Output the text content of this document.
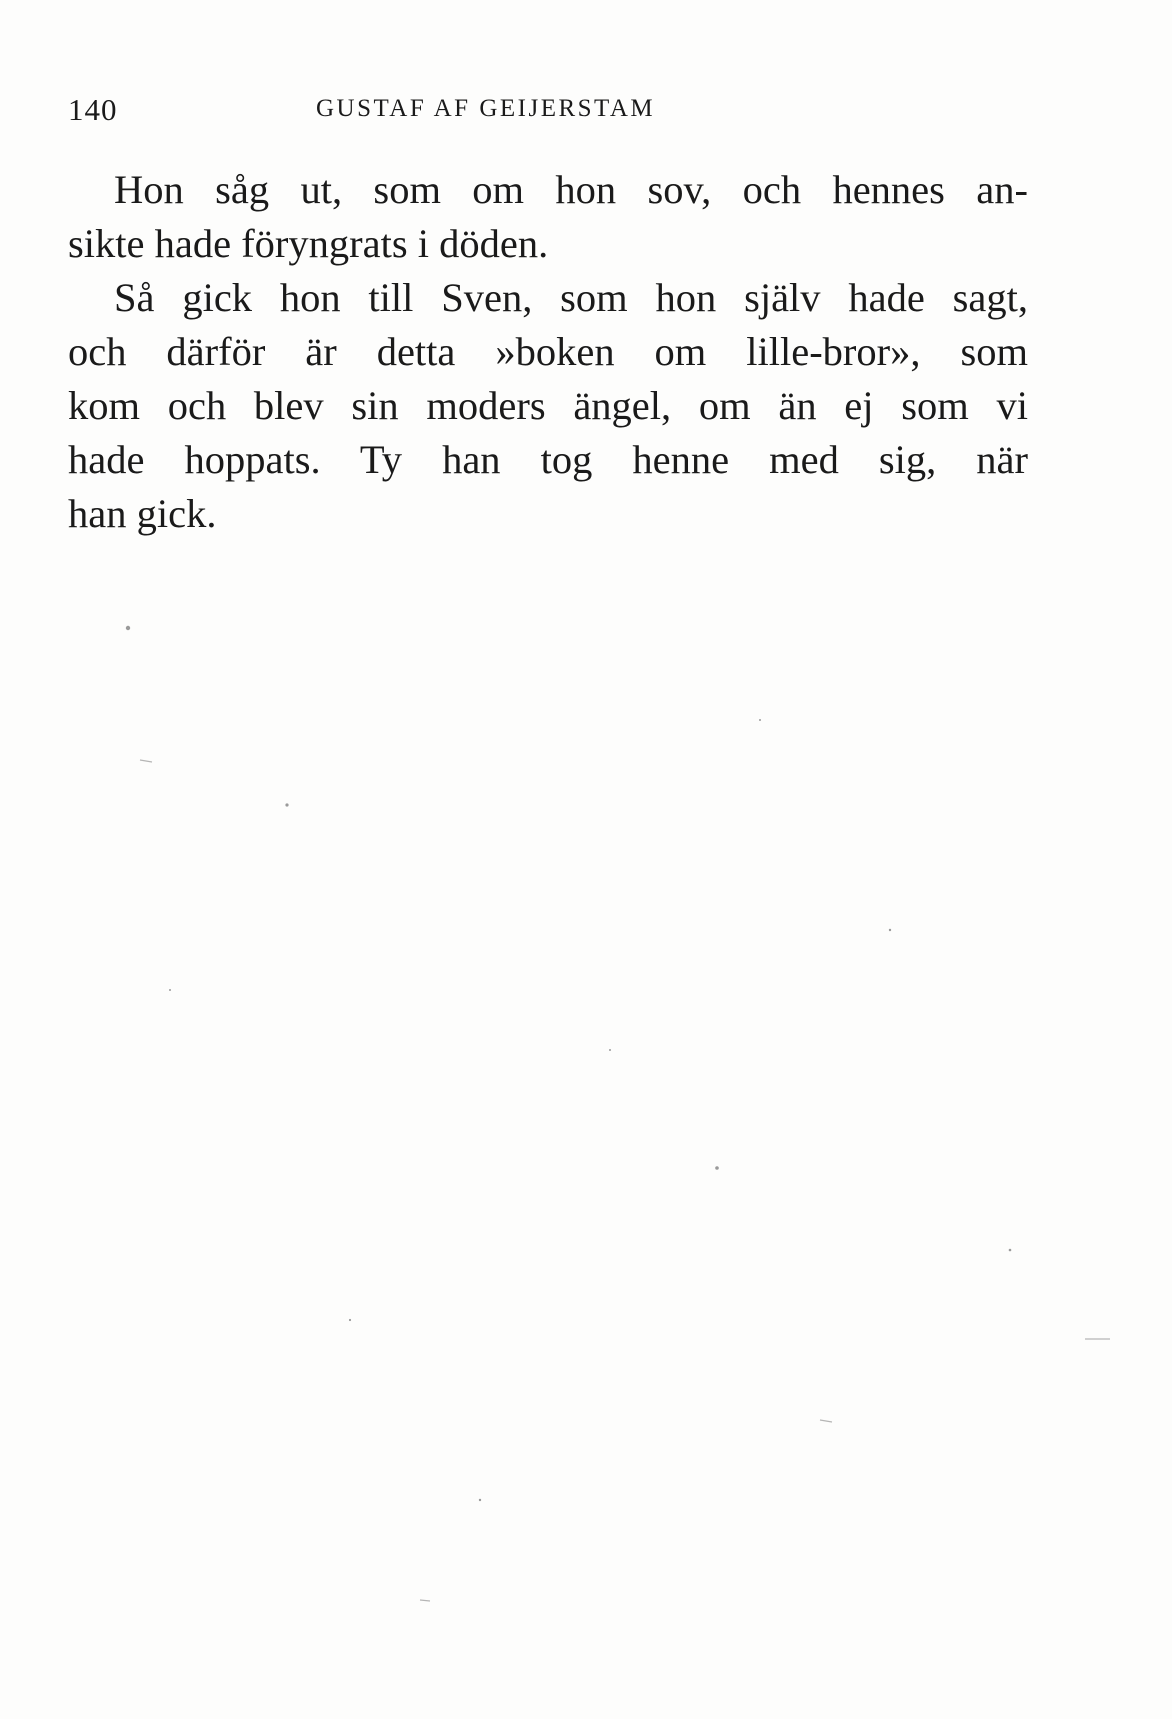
140	GUSTAF AF GEIJERSTAM
Hon såg ut, som om hon sov, och hennes an-
sikte hade föryngrats i döden.
Så gick hon till Sven, som hon själv hade sagt,
och därför är detta »boken om lille-bror», som
kom och blev sin moders ängel, om än ej som vi
hade hoppats. Ty han tog henne med sig, när
han gick.
